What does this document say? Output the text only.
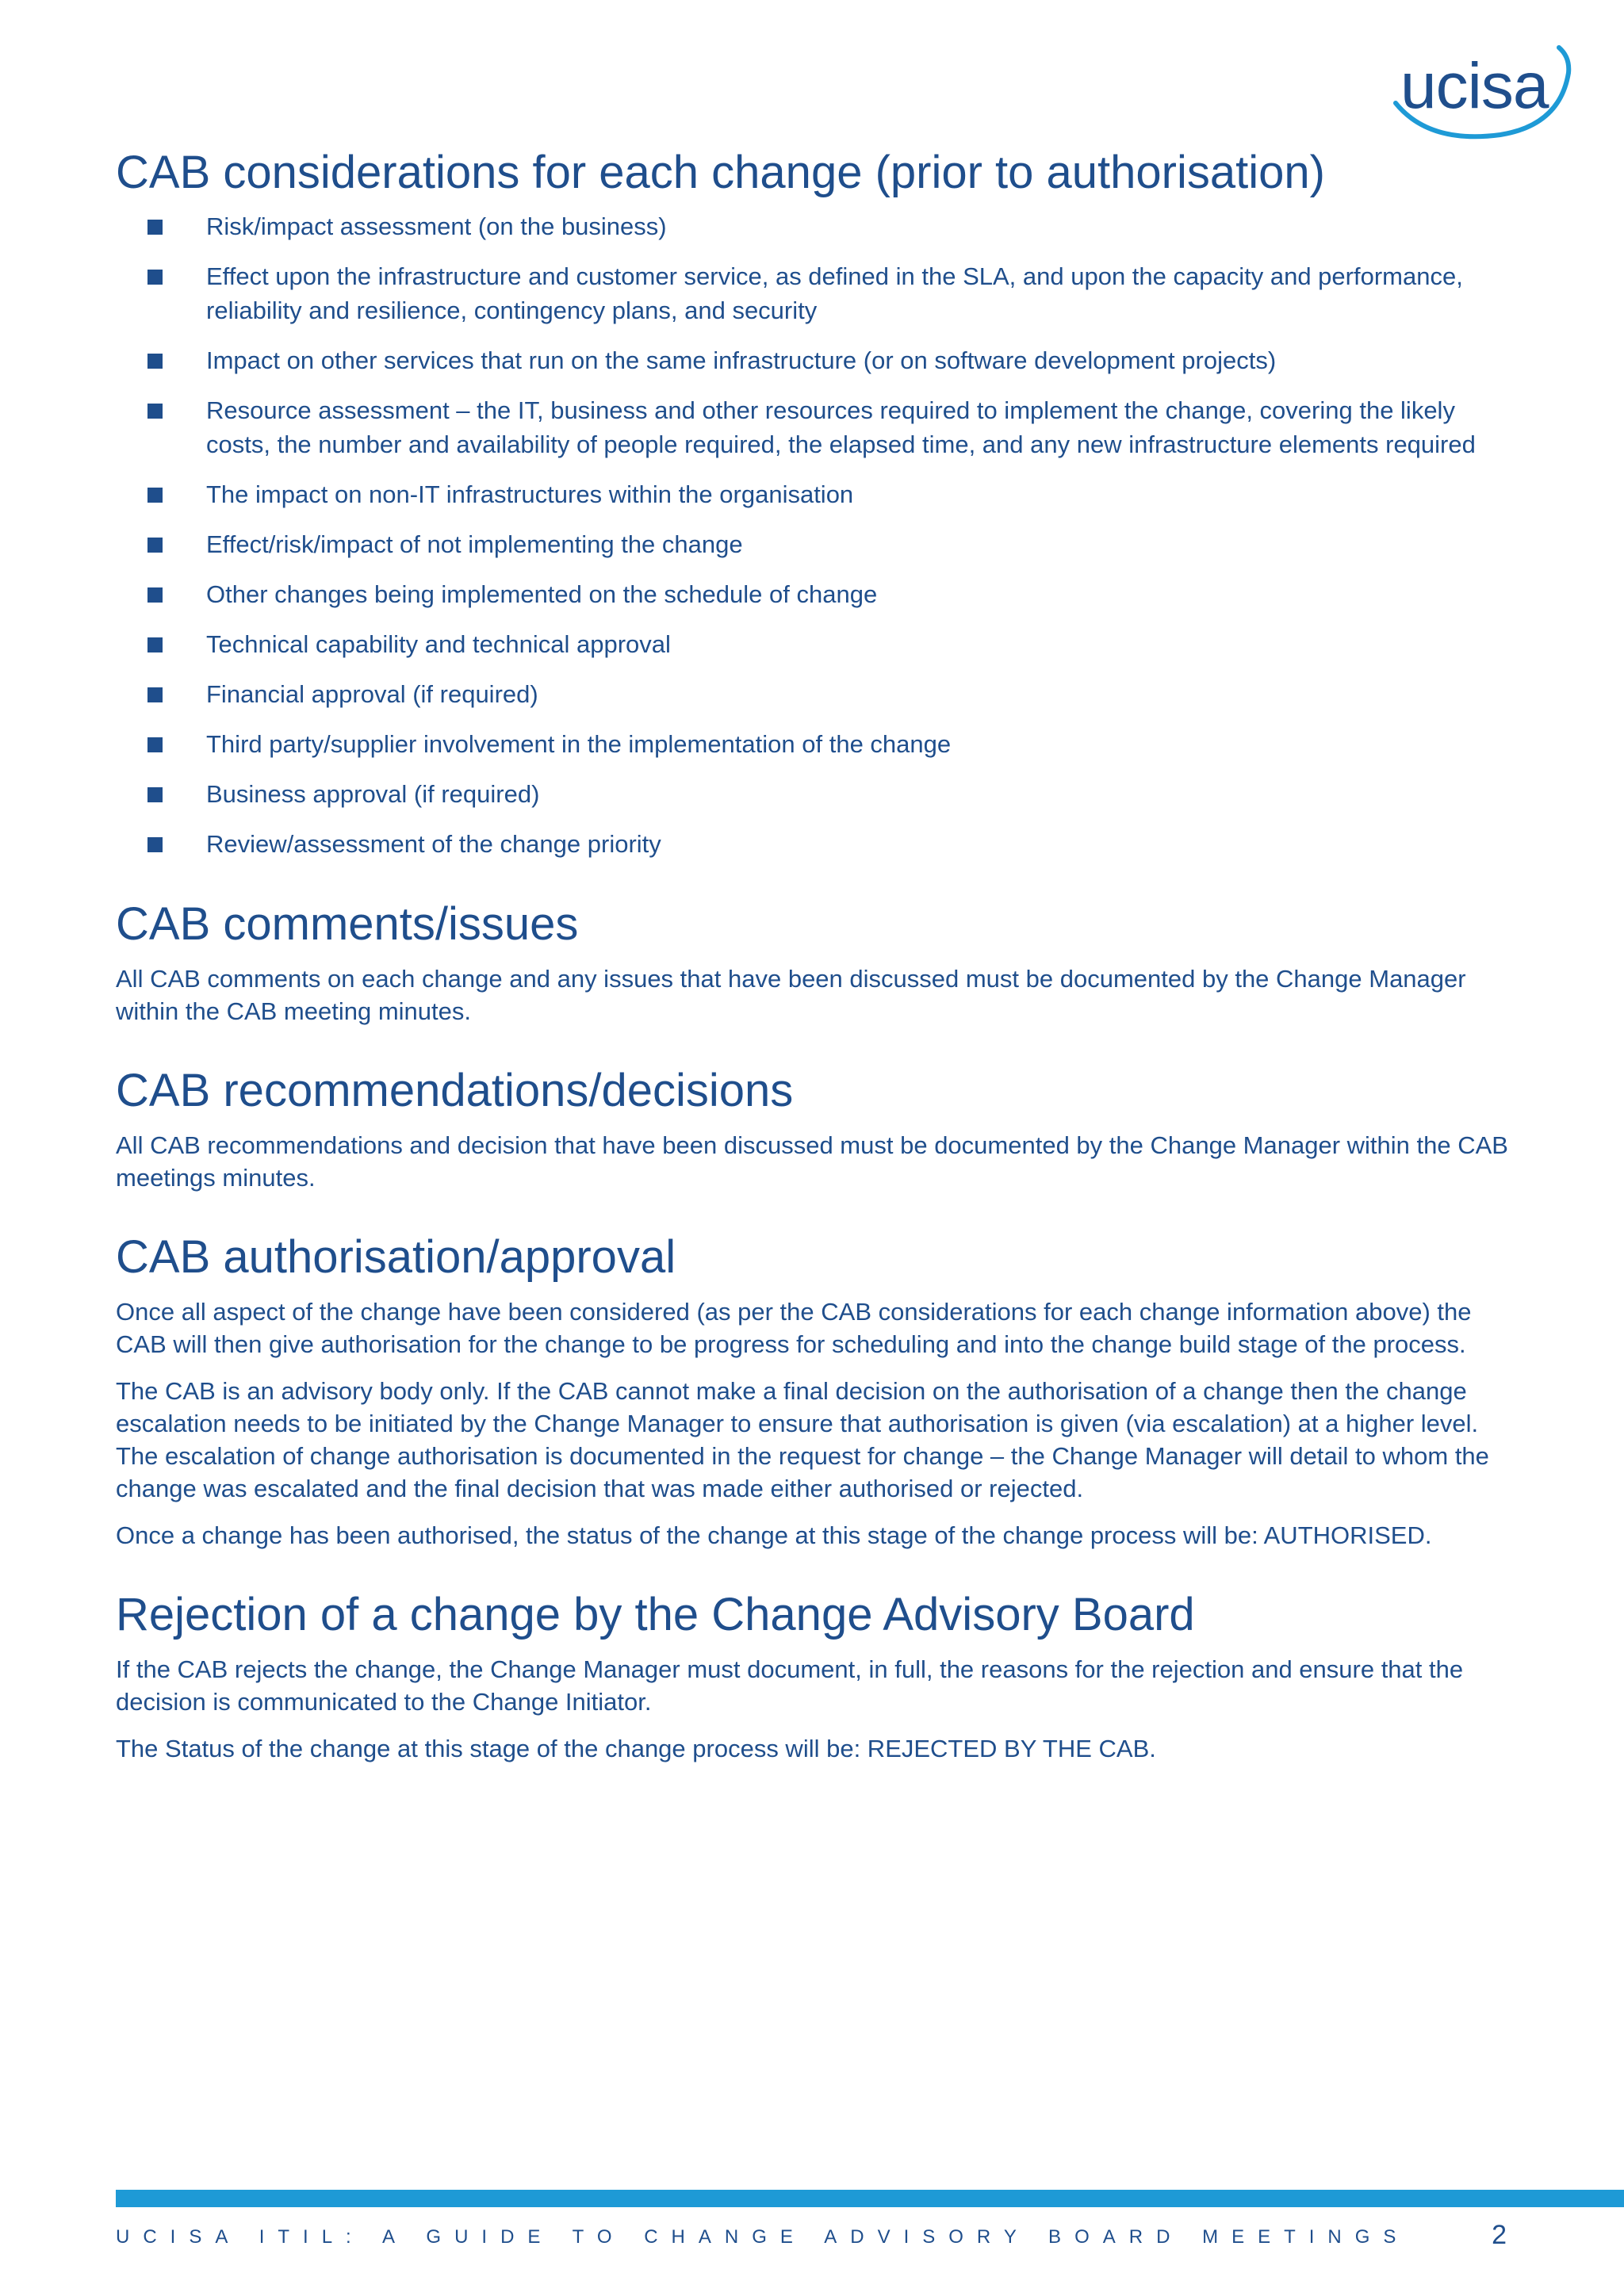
ucisa
CAB considerations for each change (prior to authorisation)
Risk/impact assessment (on the business)
Effect upon the infrastructure and customer service, as defined in the SLA, and upon the capacity and performance, reliability and resilience, contingency plans, and security
Impact on other services that run on the same infrastructure (or on software development projects)
Resource assessment – the IT, business and other resources required to implement the change, covering the likely costs, the number and availability of people required, the elapsed time, and any new infrastructure elements required
The impact on non-IT infrastructures within the organisation
Effect/risk/impact of not implementing the change
Other changes being implemented on the schedule of change
Technical capability and technical approval
Financial approval (if required)
Third party/supplier involvement in the implementation of the change
Business approval (if required)
Review/assessment of the change priority
CAB comments/issues

All CAB comments on each change and any issues that have been discussed must be documented by the Change Manager within the CAB meeting minutes.

CAB recommendations/decisions

All CAB recommendations and decision that have been discussed must be documented by the Change Manager within the CAB meetings minutes.

CAB authorisation/approval

Once all aspect of the change have been considered (as per the CAB considerations for each change information above) the CAB will then give authorisation for the change to be progress for scheduling and into the change build stage of the process.

The CAB is an advisory body only. If the CAB cannot make a final decision on the authorisation of a change then the change escalation needs to be initiated by the Change Manager to ensure that authorisation is given (via escalation) at a higher level. The escalation of change authorisation is documented in the request for change – the Change Manager will detail to whom the change was escalated and the final decision that was made either authorised or rejected.

Once a change has been authorised, the status of the change at this stage of the change process will be: AUTHORISED.

Rejection of a change by the Change Advisory Board

If the CAB rejects the change, the Change Manager must document, in full, the reasons for the rejection and ensure that the decision is communicated to the Change Initiator.

The Status of the change at this stage of the change process will be: REJECTED BY THE CAB.

UCISA ITIL: A GUIDE TO CHANGE ADVISORY BOARD MEETINGS	2
